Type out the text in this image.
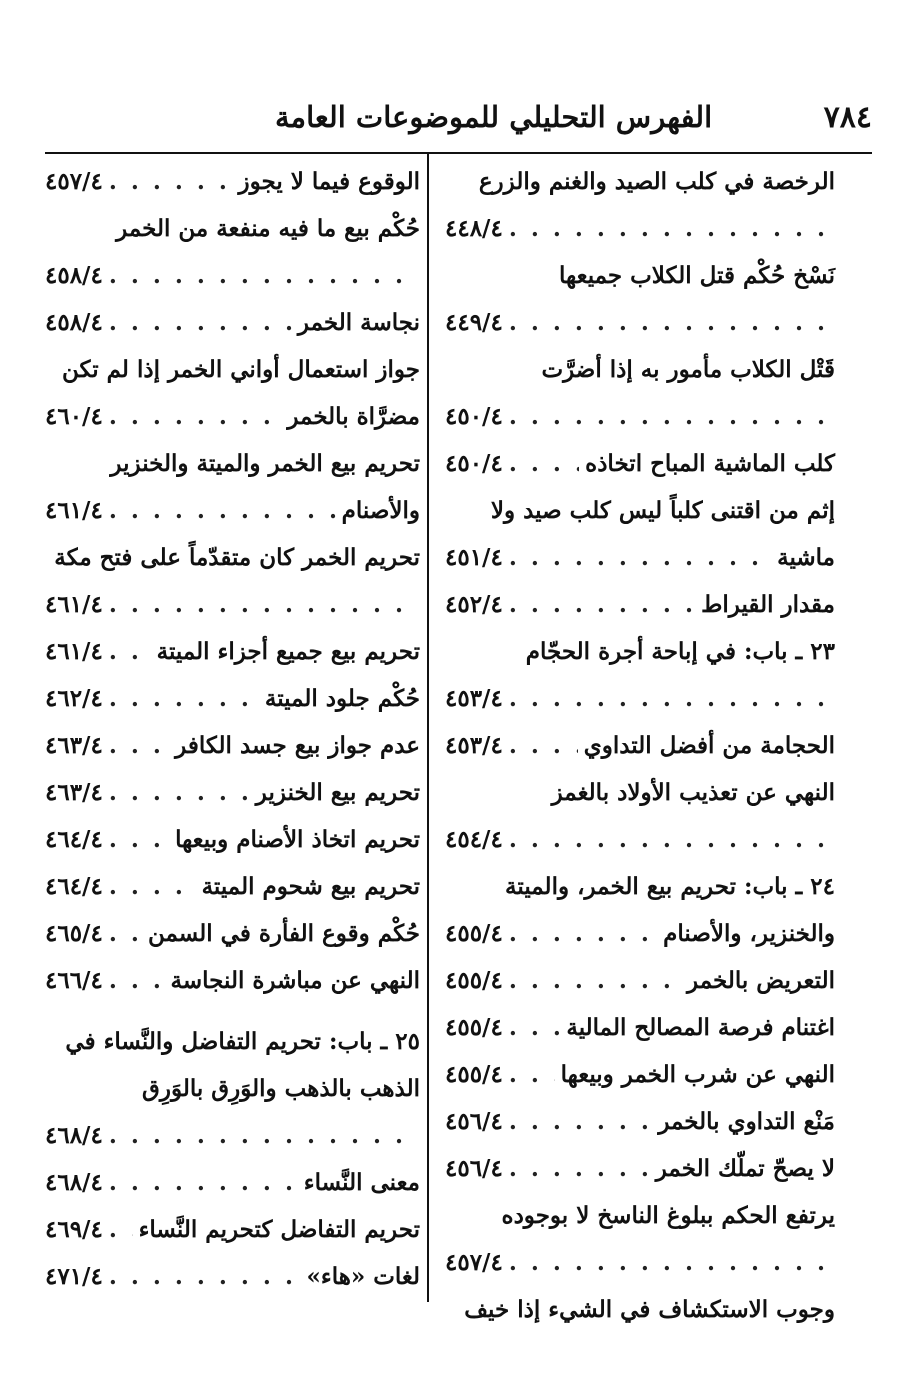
٧٨٤
الفهرس التحليلي للموضوعات العامة
الرخصة في كلب الصيد والغنم والزرع
. . .
٤٤٨/٤
نَسْخ حُكْم قتل الكلاب جميعها
. . .
٤٤٩/٤
قَتْل الكلاب مأمور به إذا أضرَّت
. . .
٤٥٠/٤
كلب الماشية المباح اتخاذه
. . .
٤٥٠/٤
إثم من اقتنى كلباً ليس كلب صيد ولا
ماشية
. . .
٤٥١/٤
مقدار القيراط
. . .
٤٥٢/٤
٢٣ ـ باب: في إباحة أجرة الحجّام
. . .
٤٥٣/٤
الحجامة من أفضل التداوي
. . .
٤٥٣/٤
النهي عن تعذيب الأولاد بالغمز
. . .
٤٥٤/٤
٢٤ ـ باب: تحريم بيع الخمر، والميتة
والخنزير، والأصنام
. . .
٤٥٥/٤
التعريض بالخمر
. . .
٤٥٥/٤
اغتنام فرصة المصالح المالية
. . .
٤٥٥/٤
النهي عن شرب الخمر وبيعها
. . .
٤٥٥/٤
مَنْع التداوي بالخمر
. . .
٤٥٦/٤
لا يصحّ تملّك الخمر
. . .
٤٥٦/٤
يرتفع الحكم ببلوغ الناسخ لا بوجوده
. . .
٤٥٧/٤
وجوب الاستكشاف في الشيء إذا خيف
الوقوع فيما لا يجوز
. . .
٤٥٧/٤
حُكْم بيع ما فيه منفعة من الخمر
. . .
٤٥٨/٤
نجاسة الخمر
. . .
٤٥٨/٤
جواز استعمال أواني الخمر إذا لم تكن
مضرَّاة بالخمر
. . .
٤٦٠/٤
تحريم بيع الخمر والميتة والخنزير
والأصنام
. . .
٤٦١/٤
تحريم الخمر كان متقدّماً على فتح مكة
. . .
٤٦١/٤
تحريم بيع جميع أجزاء الميتة
. . .
٤٦١/٤
حُكْم جلود الميتة
. . .
٤٦٢/٤
عدم جواز بيع جسد الكافر
. . .
٤٦٣/٤
تحريم بيع الخنزير
. . .
٤٦٣/٤
تحريم اتخاذ الأصنام وبيعها
. . .
٤٦٤/٤
تحريم بيع شحوم الميتة
. . .
٤٦٤/٤
حُكْم وقوع الفأرة في السمن
. . .
٤٦٥/٤
النهي عن مباشرة النجاسة
. . .
٤٦٦/٤
٢٥ ـ باب: تحريم التفاضل والنَّساء في
الذهب بالذهب والوَرِق بالوَرِق
. . .
٤٦٨/٤
معنى النَّساء
. . .
٤٦٨/٤
تحريم التفاضل كتحريم النَّساء
. . .
٤٦٩/٤
لغات «هاء»
. . .
٤٧١/٤
